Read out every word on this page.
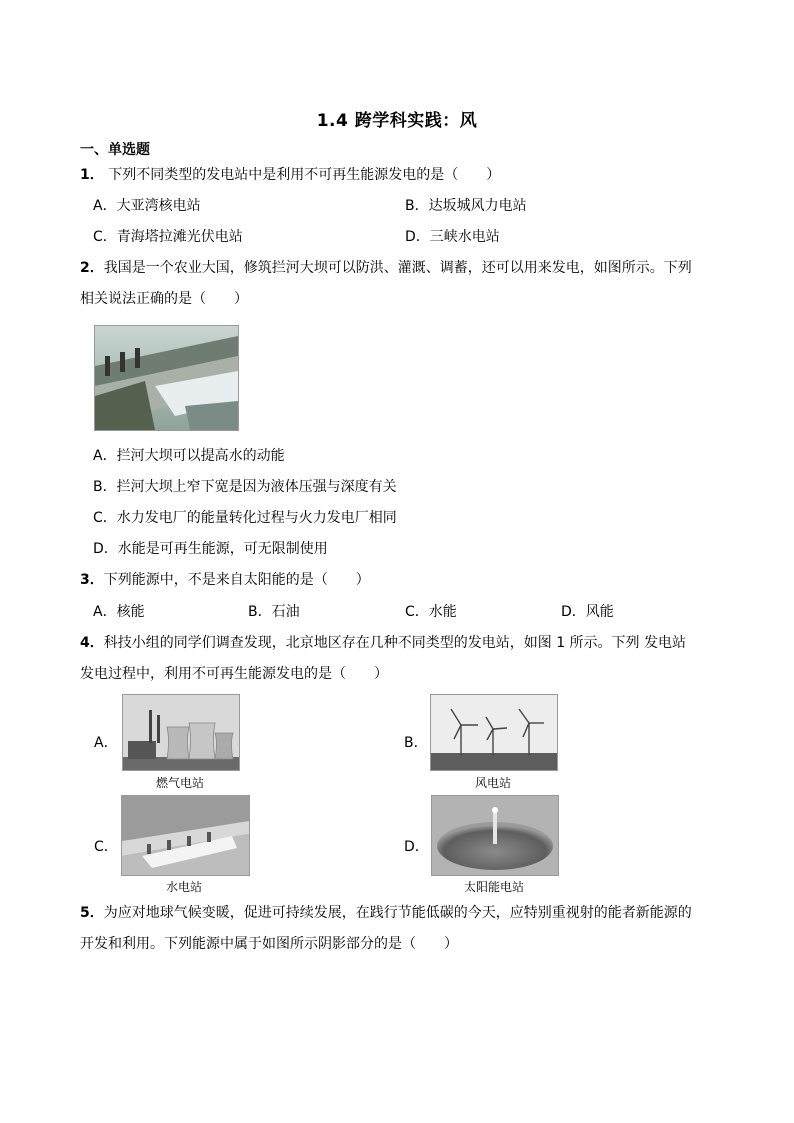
1.4 跨学科实践：风
一、单选题
1． 下列不同类型的发电站中是利用不可再生能源发电的是（　　）
A．大亚湾核电站	B．达坂城风力电站
C．青海塔拉滩光伏电站	D．三峡水电站
2．我国是一个农业大国，修筑拦河大坝可以防洪、灌溉、调蓄，还可以用来发电，如图所示。下列
相关说法正确的是（　　）
A．拦河大坝可以提高水的动能
B．拦河大坝上窄下宽是因为液体压强与深度有关
C．水力发电厂的能量转化过程与火力发电厂相同
D．水能是可再生能源，可无限制使用
3．下列能源中，不是来自太阳能的是（　　）
A．核能	B．石油	C．水能	D．风能
4．科技小组的同学们调查发现，北京地区存在几种不同类型的发电站，如图 1 所示。下列 发电站
发电过程中，利用不可再生能源发电的是（　　）
A．
燃气电站
B．
风电站
C．
水电站
D．
太阳能电站
5．为应对地球气候变暖，促进可持续发展，在践行节能低碳的今天，应特别重视射的能者新能源的
开发和利用。下列能源中属于如图所示阴影部分的是（　　）
